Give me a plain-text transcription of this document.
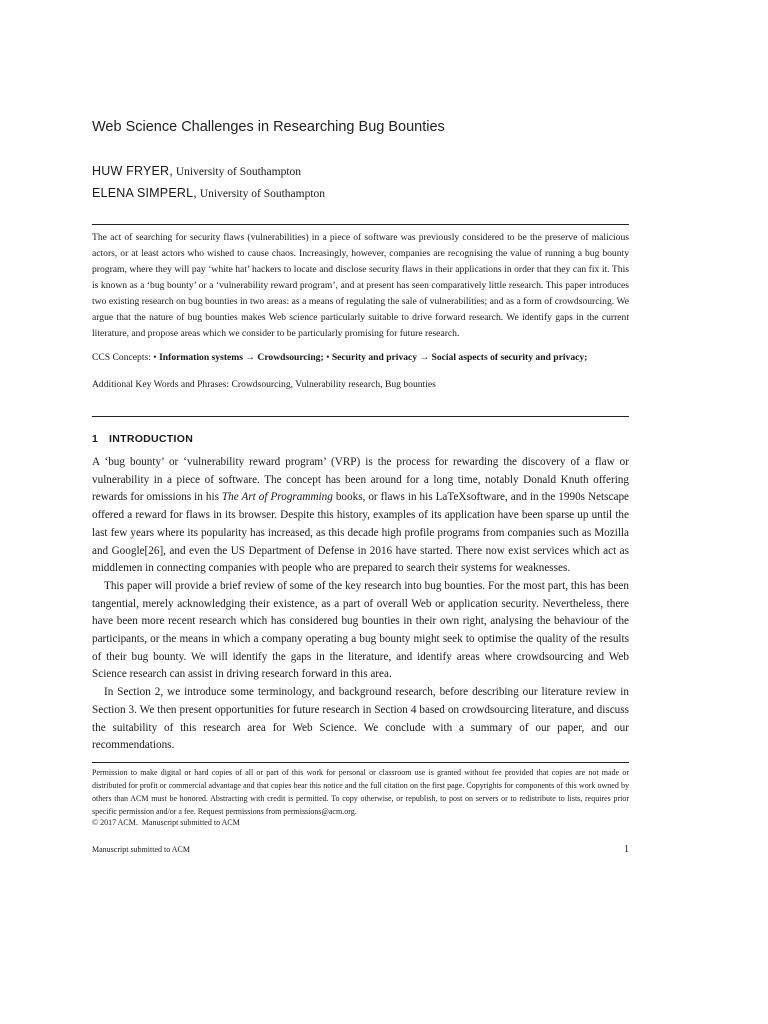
Web Science Challenges in Researching Bug Bounties
HUW FRYER, University of Southampton
ELENA SIMPERL, University of Southampton

The act of searching for security flaws (vulnerabilities) in a piece of software was previously considered to be the preserve of malicious actors, or at least actors who wished to cause chaos. Increasingly, however, companies are recognising the value of running a bug bounty program, where they will pay ‘white hat’ hackers to locate and disclose security flaws in their applications in order that they can fix it. This is known as a ‘bug bounty’ or a ‘vulnerability reward program’, and at present has seen comparatively little research. This paper introduces two existing research on bug bounties in two areas: as a means of regulating the sale of vulnerabilities; and as a form of crowdsourcing. We argue that the nature of bug bounties makes Web science particularly suitable to drive forward research. We identify gaps in the current literature, and propose areas which we consider to be particularly promising for future research.

CCS Concepts: • Information systems → Crowdsourcing; • Security and privacy → Social aspects of security and privacy;
Additional Key Words and Phrases: Crowdsourcing, Vulnerability research, Bug bounties
1 INTRODUCTION

A ‘bug bounty’ or ‘vulnerability reward program’ (VRP) is the process for rewarding the discovery of a flaw or vulnerability in a piece of software. The concept has been around for a long time, notably Donald Knuth offering rewards for omissions in his The Art of Programming books, or flaws in his LaTeXsoftware, and in the 1990s Netscape offered a reward for flaws in its browser. Despite this history, examples of its application have been sparse up until the last few years where its popularity has increased, as this decade high profile programs from companies such as Mozilla and Google[26], and even the US Department of Defense in 2016 have started. There now exist services which act as middlemen in connecting companies with people who are prepared to search their systems for weaknesses.

This paper will provide a brief review of some of the key research into bug bounties. For the most part, this has been tangential, merely acknowledging their existence, as a part of overall Web or application security. Nevertheless, there have been more recent research which has considered bug bounties in their own right, analysing the behaviour of the participants, or the means in which a company operating a bug bounty might seek to optimise the quality of the results of their bug bounty. We will identify the gaps in the literature, and identify areas where crowdsourcing and Web Science research can assist in driving research forward in this area.

In Section 2, we introduce some terminology, and background research, before describing our literature review in Section 3. We then present opportunities for future research in Section 4 based on crowdsourcing literature, and discuss the suitability of this research area for Web Science. We conclude with a summary of our paper, and our recommendations.

Permission to make digital or hard copies of all or part of this work for personal or classroom use is granted without fee provided that copies are not made or distributed for profit or commercial advantage and that copies bear this notice and the full citation on the first page. Copyrights for components of this work owned by others than ACM must be honored. Abstracting with credit is permitted. To copy otherwise, or republish, to post on servers or to redistribute to lists, requires prior specific permission and/or a fee. Request permissions from permissions@acm.org.

© 2017 ACM.  Manuscript submitted to ACM
Manuscript submitted to ACM	1
